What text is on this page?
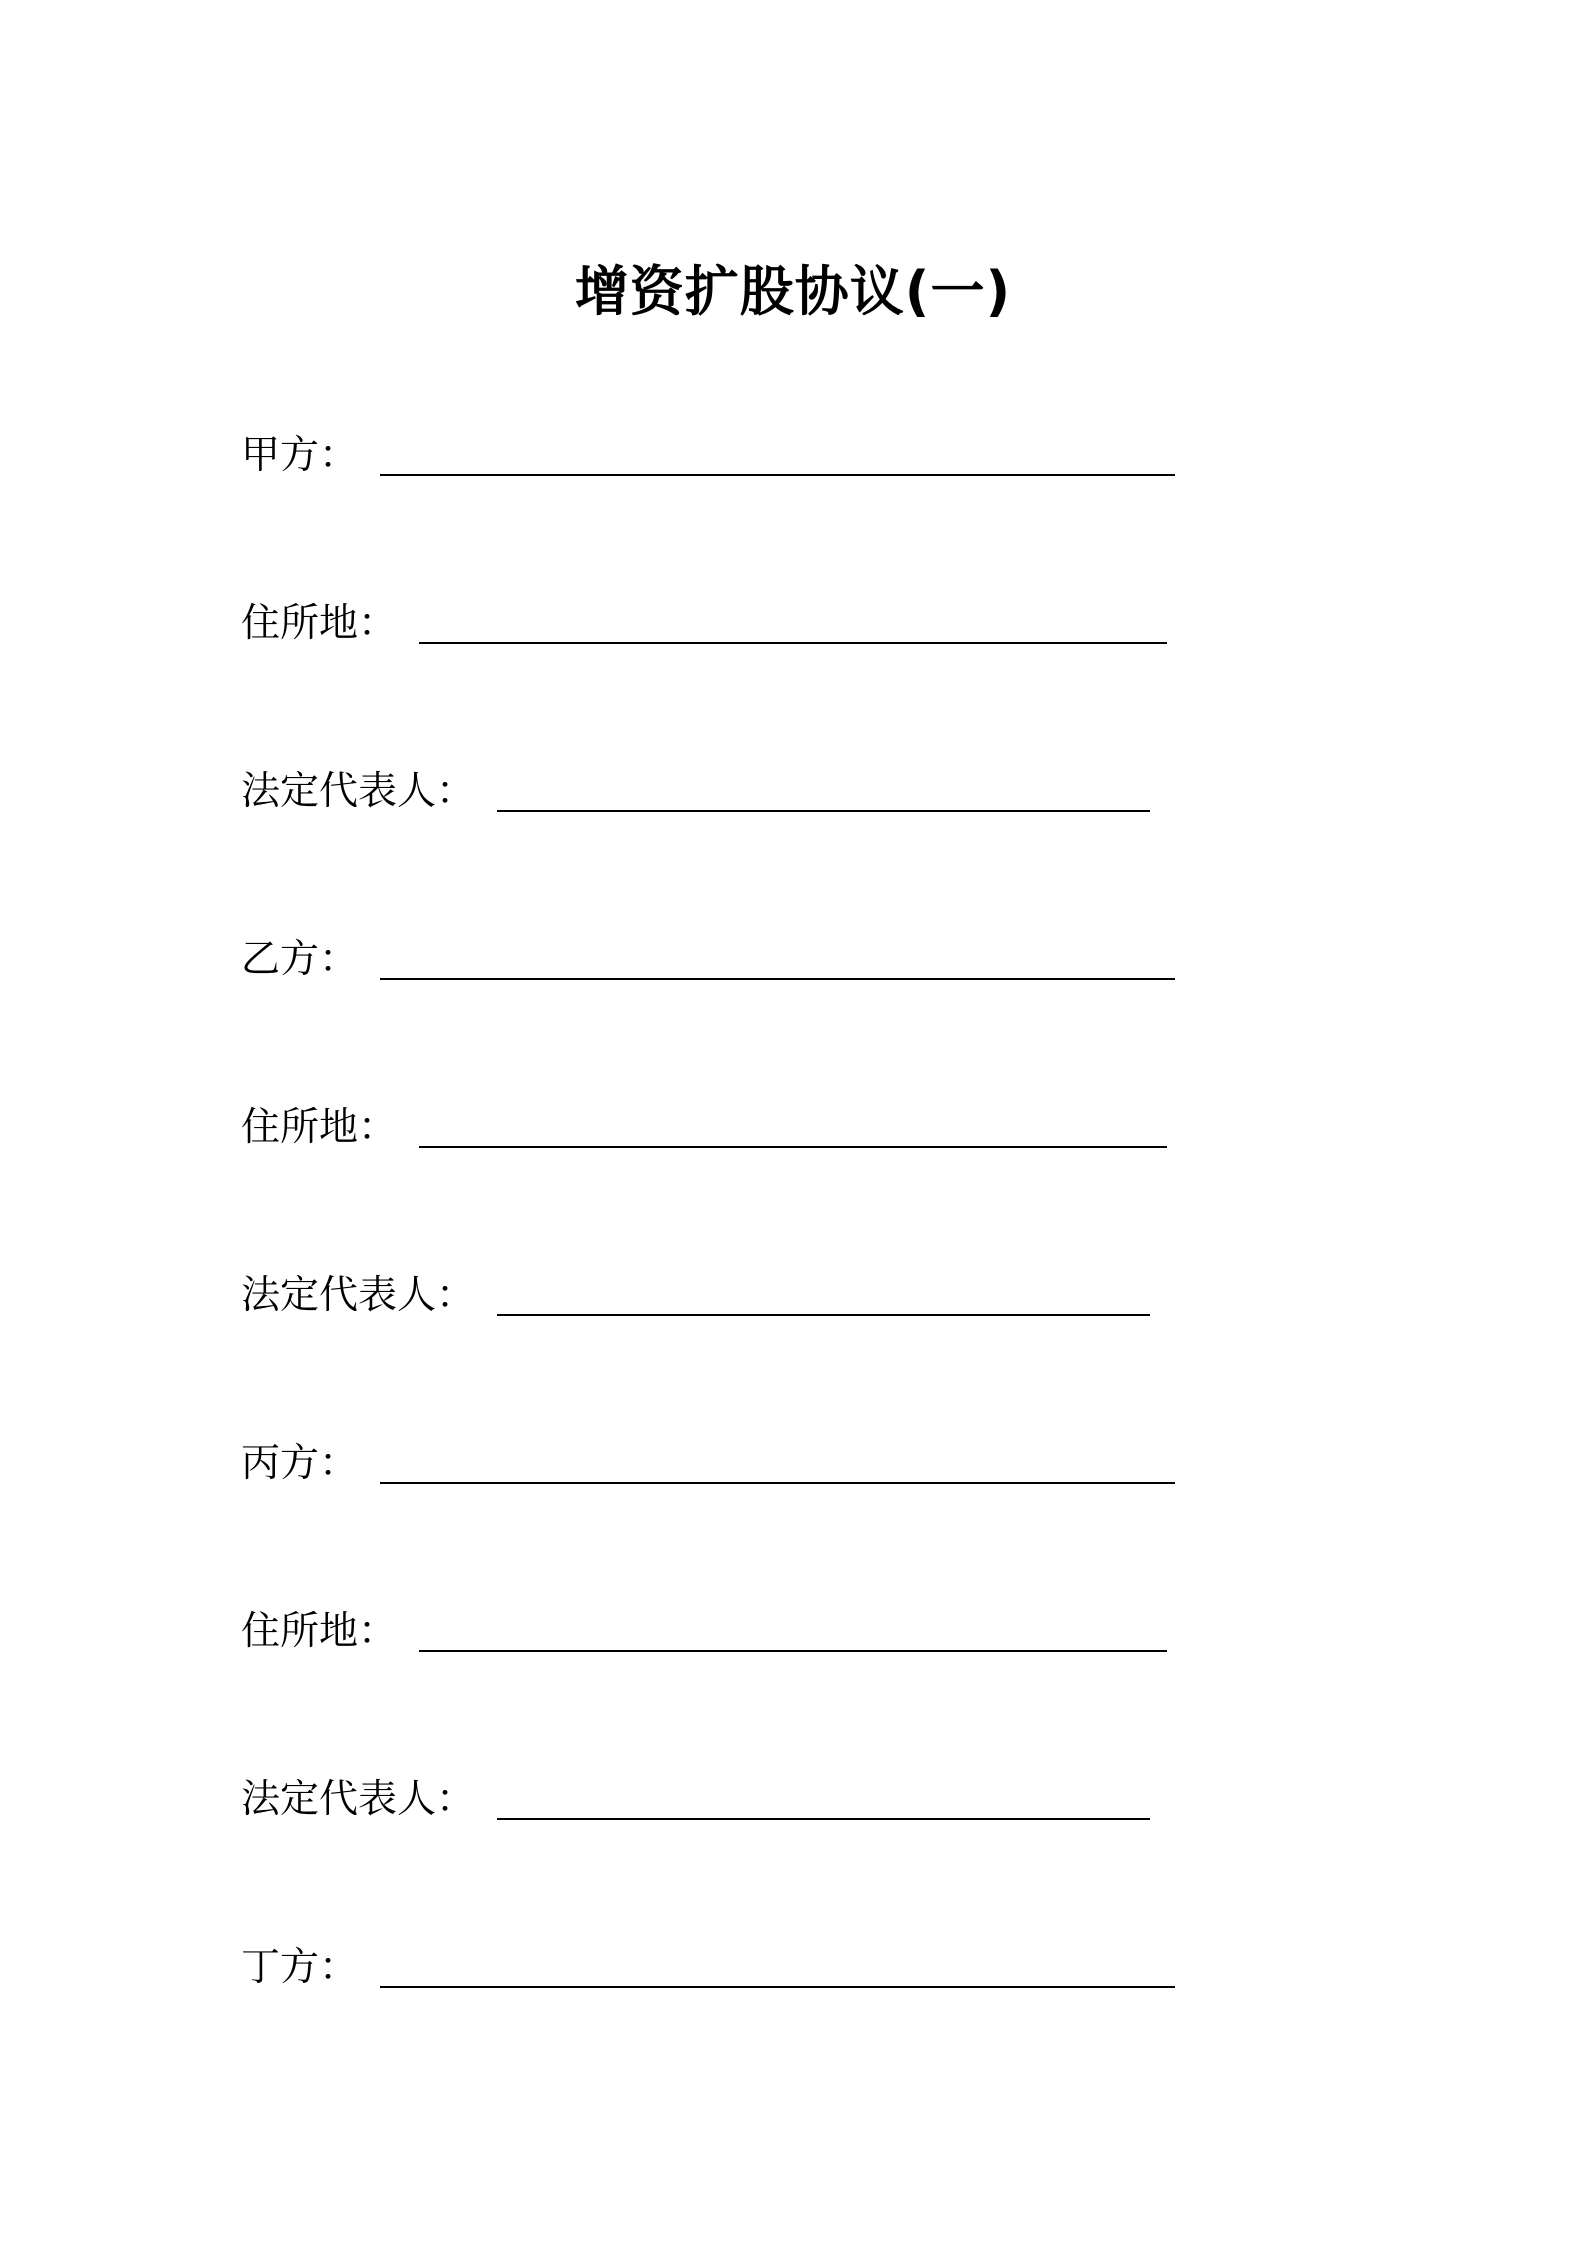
增资扩股协议(一)
甲方：
住所地：
法定代表人：
乙方：
住所地：
法定代表人：
丙方：
住所地：
法定代表人：
丁方：
